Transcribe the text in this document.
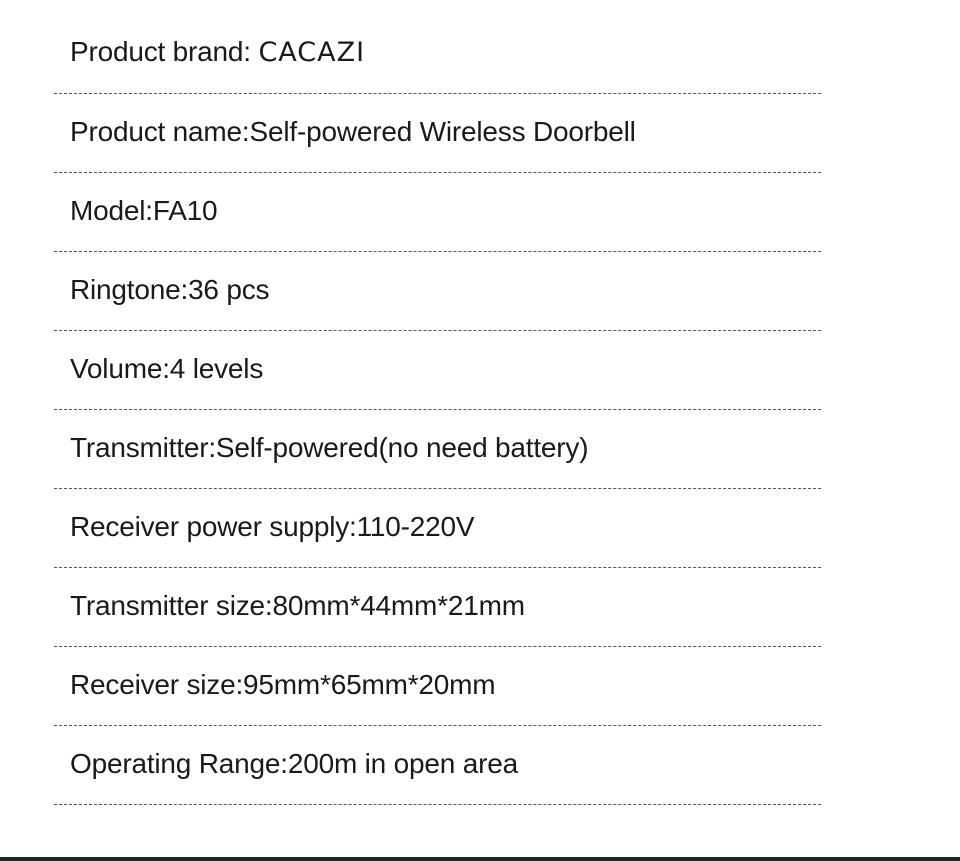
Product brand: CACAZI
Product name:Self-powered Wireless Doorbell
Model:FA10
Ringtone:36 pcs
Volume:4 levels
Transmitter:Self-powered(no need battery)
Receiver power supply:110-220V
Transmitter size:80mm*44mm*21mm
Receiver size:95mm*65mm*20mm
Operating Range:200m in open area
